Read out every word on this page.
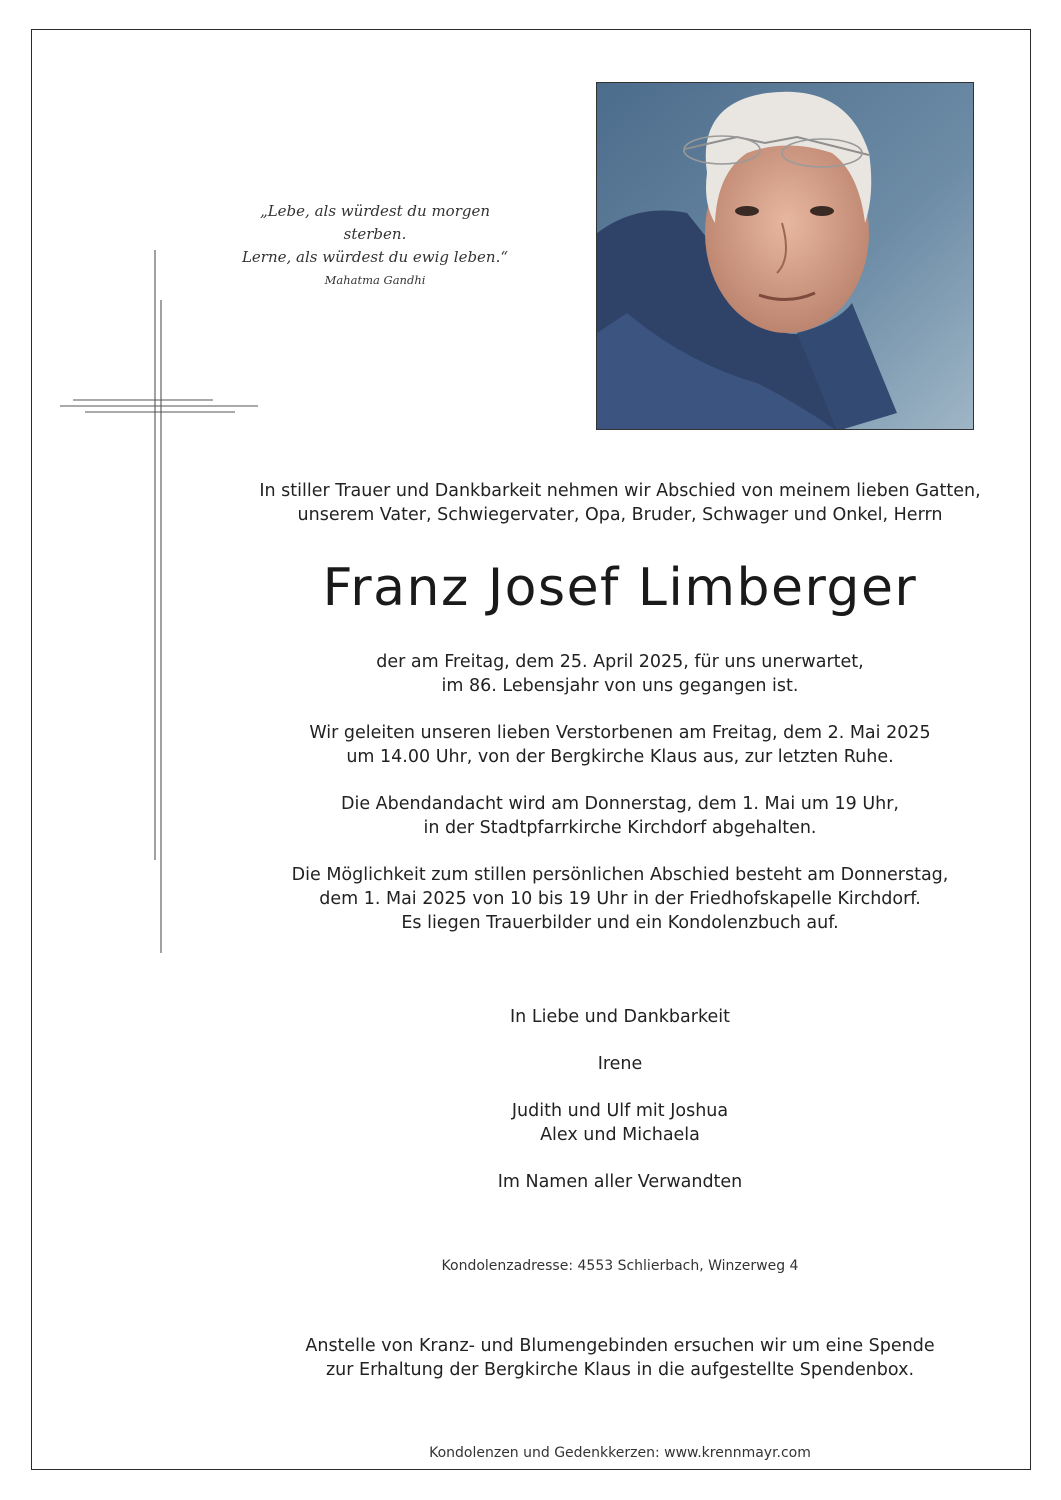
„Lebe, als würdest du morgen sterben.
Lerne, als würdest du ewig leben.“
Mahatma Gandhi
In stiller Trauer und Dankbarkeit nehmen wir Abschied von meinem lieben Gatten,
unserem Vater, Schwiegervater, Opa, Bruder, Schwager und Onkel, Herrn
Franz Josef Limberger
der am Freitag, dem 25. April 2025, für uns unerwartet,
im 86. Lebensjahr von uns gegangen ist.
Wir geleiten unseren lieben Verstorbenen am Freitag, dem 2. Mai 2025
um 14.00 Uhr, von der Bergkirche Klaus aus, zur letzten Ruhe.
Die Abendandacht wird am Donnerstag, dem 1. Mai um 19 Uhr,
in der Stadtpfarrkirche Kirchdorf abgehalten.
Die Möglichkeit zum stillen persönlichen Abschied besteht am Donnerstag,
dem 1. Mai 2025 von 10 bis 19 Uhr in der Friedhofskapelle Kirchdorf.
Es liegen Trauerbilder und ein Kondolenzbuch auf.
In Liebe und Dankbarkeit
Irene
Judith und Ulf mit Joshua
Alex und Michaela
Im Namen aller Verwandten
Kondolenzadresse: 4553 Schlierbach, Winzerweg 4
Anstelle von Kranz- und Blumengebinden ersuchen wir um eine Spende
zur Erhaltung der Bergkirche Klaus in die aufgestellte Spendenbox.
Kondolenzen und Gedenkkerzen: www.krennmayr.com
